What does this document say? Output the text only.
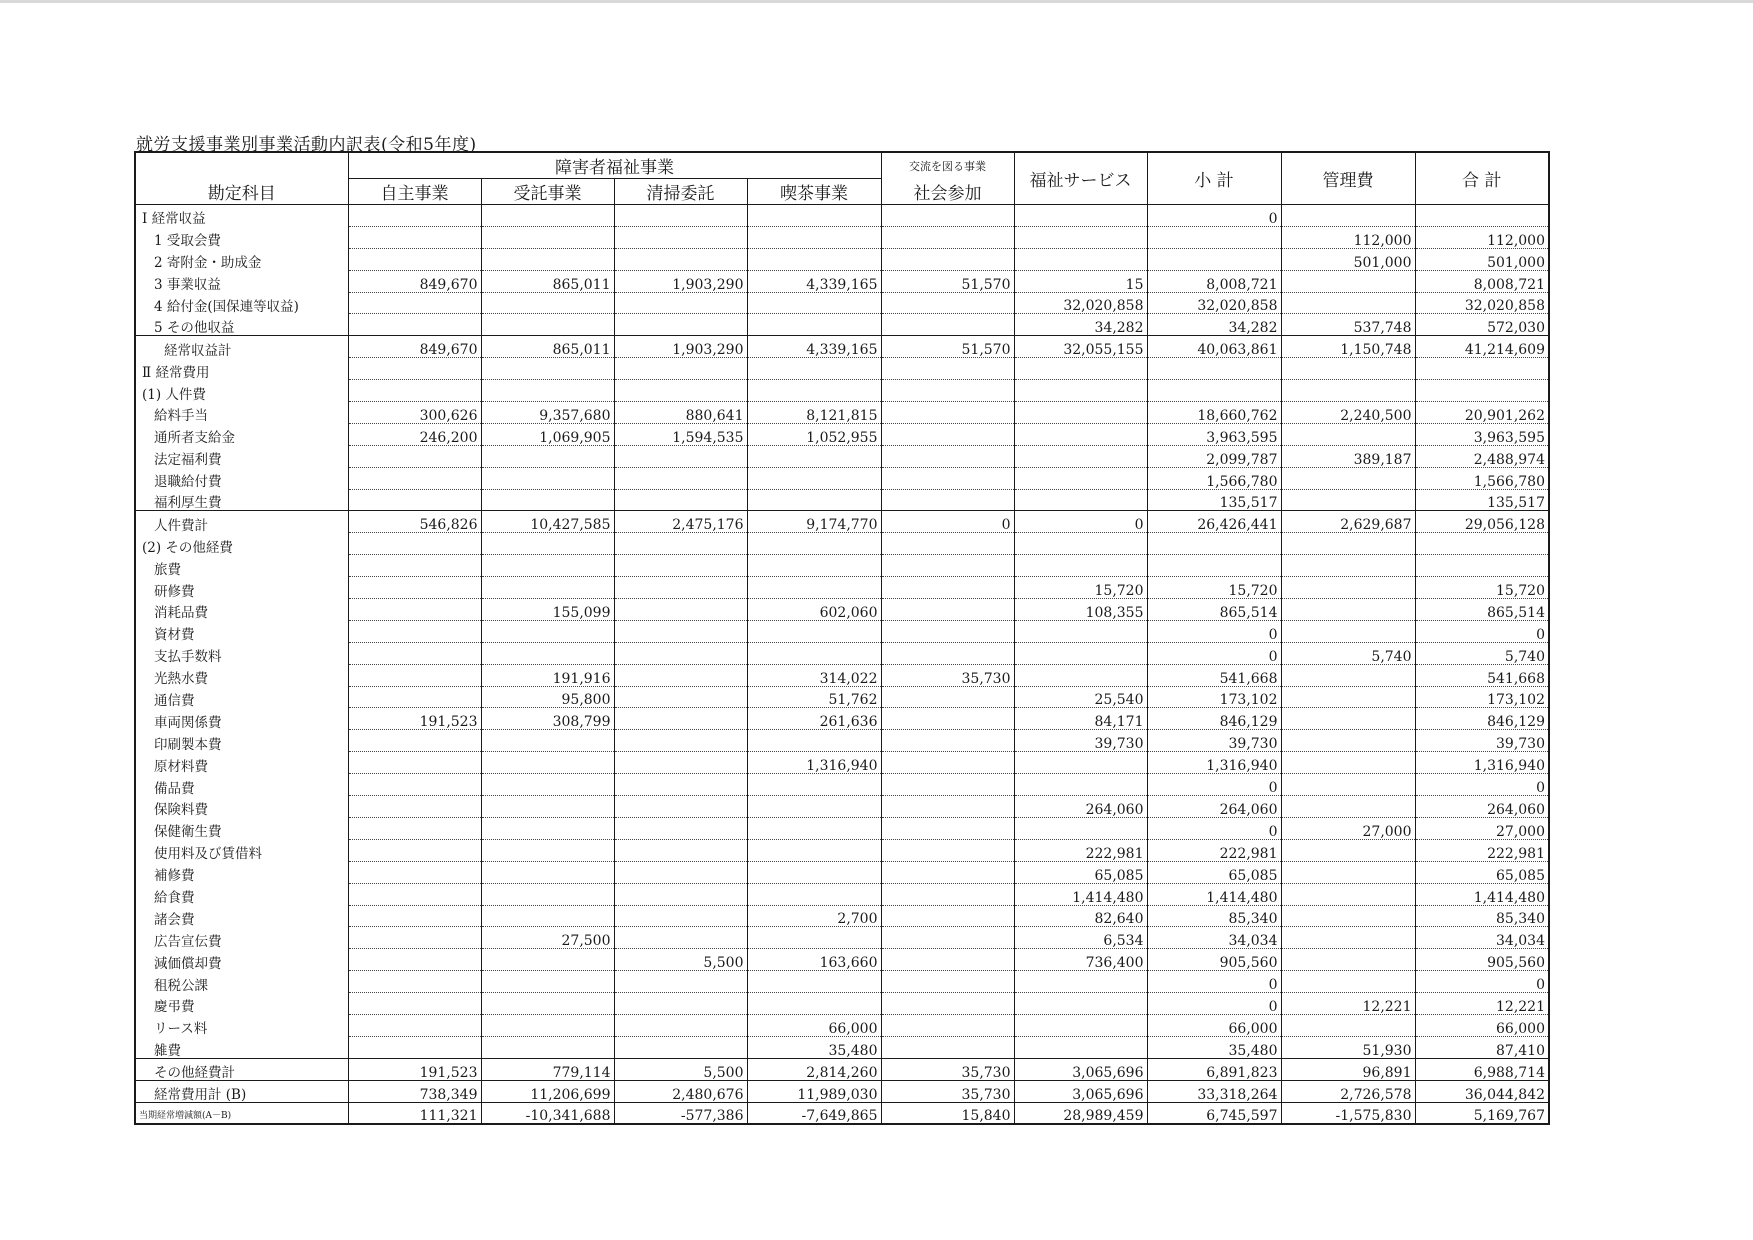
就労支援事業別事業活動内訳表(令和5年度)
勘定科目	障害者福祉事業				交流を図る事業	福祉サービス	小 計	管理費	合 計
	自主事業	受託事業	清掃委託	喫茶事業	社会参加				
Ⅰ 経常収益							0		
1 受取会費								112,000	112,000
2 寄附金・助成金								501,000	501,000
3 事業収益	849,670	865,011	1,903,290	4,339,165	51,570	15	8,008,721		8,008,721
4 給付金(国保連等収益)						32,020,858	32,020,858		32,020,858
5 その他収益						34,282	34,282	537,748	572,030
経常収益計	849,670	865,011	1,903,290	4,339,165	51,570	32,055,155	40,063,861	1,150,748	41,214,609
Ⅱ 経常費用									
(1) 人件費									
給料手当	300,626	9,357,680	880,641	8,121,815			18,660,762	2,240,500	20,901,262
通所者支給金	246,200	1,069,905	1,594,535	1,052,955			3,963,595		3,963,595
法定福利費							2,099,787	389,187	2,488,974
退職給付費							1,566,780		1,566,780
福利厚生費							135,517		135,517
人件費計	546,826	10,427,585	2,475,176	9,174,770	0	0	26,426,441	2,629,687	29,056,128
(2) その他経費									
旅費									
研修費						15,720	15,720		15,720
消耗品費		155,099		602,060		108,355	865,514		865,514
資材費							0		0
支払手数料							0	5,740	5,740
光熱水費		191,916		314,022	35,730		541,668		541,668
通信費		95,800		51,762		25,540	173,102		173,102
車両関係費	191,523	308,799		261,636		84,171	846,129		846,129
印刷製本費						39,730	39,730		39,730
原材料費				1,316,940			1,316,940		1,316,940
備品費							0		0
保険料費						264,060	264,060		264,060
保健衛生費							0	27,000	27,000
使用料及び賃借料						222,981	222,981		222,981
補修費						65,085	65,085		65,085
給食費						1,414,480	1,414,480		1,414,480
諸会費				2,700		82,640	85,340		85,340
広告宣伝費		27,500				6,534	34,034		34,034
減価償却費			5,500	163,660		736,400	905,560		905,560
租税公課							0		0
慶弔費							0	12,221	12,221
リース料				66,000			66,000		66,000
雑費				35,480			35,480	51,930	87,410
その他経費計	191,523	779,114	5,500	2,814,260	35,730	3,065,696	6,891,823	96,891	6,988,714
経常費用計 (B)	738,349	11,206,699	2,480,676	11,989,030	35,730	3,065,696	33,318,264	2,726,578	36,044,842
当期経常増減額(A－B)	111,321	-10,341,688	-577,386	-7,649,865	15,840	28,989,459	6,745,597	-1,575,830	5,169,767
